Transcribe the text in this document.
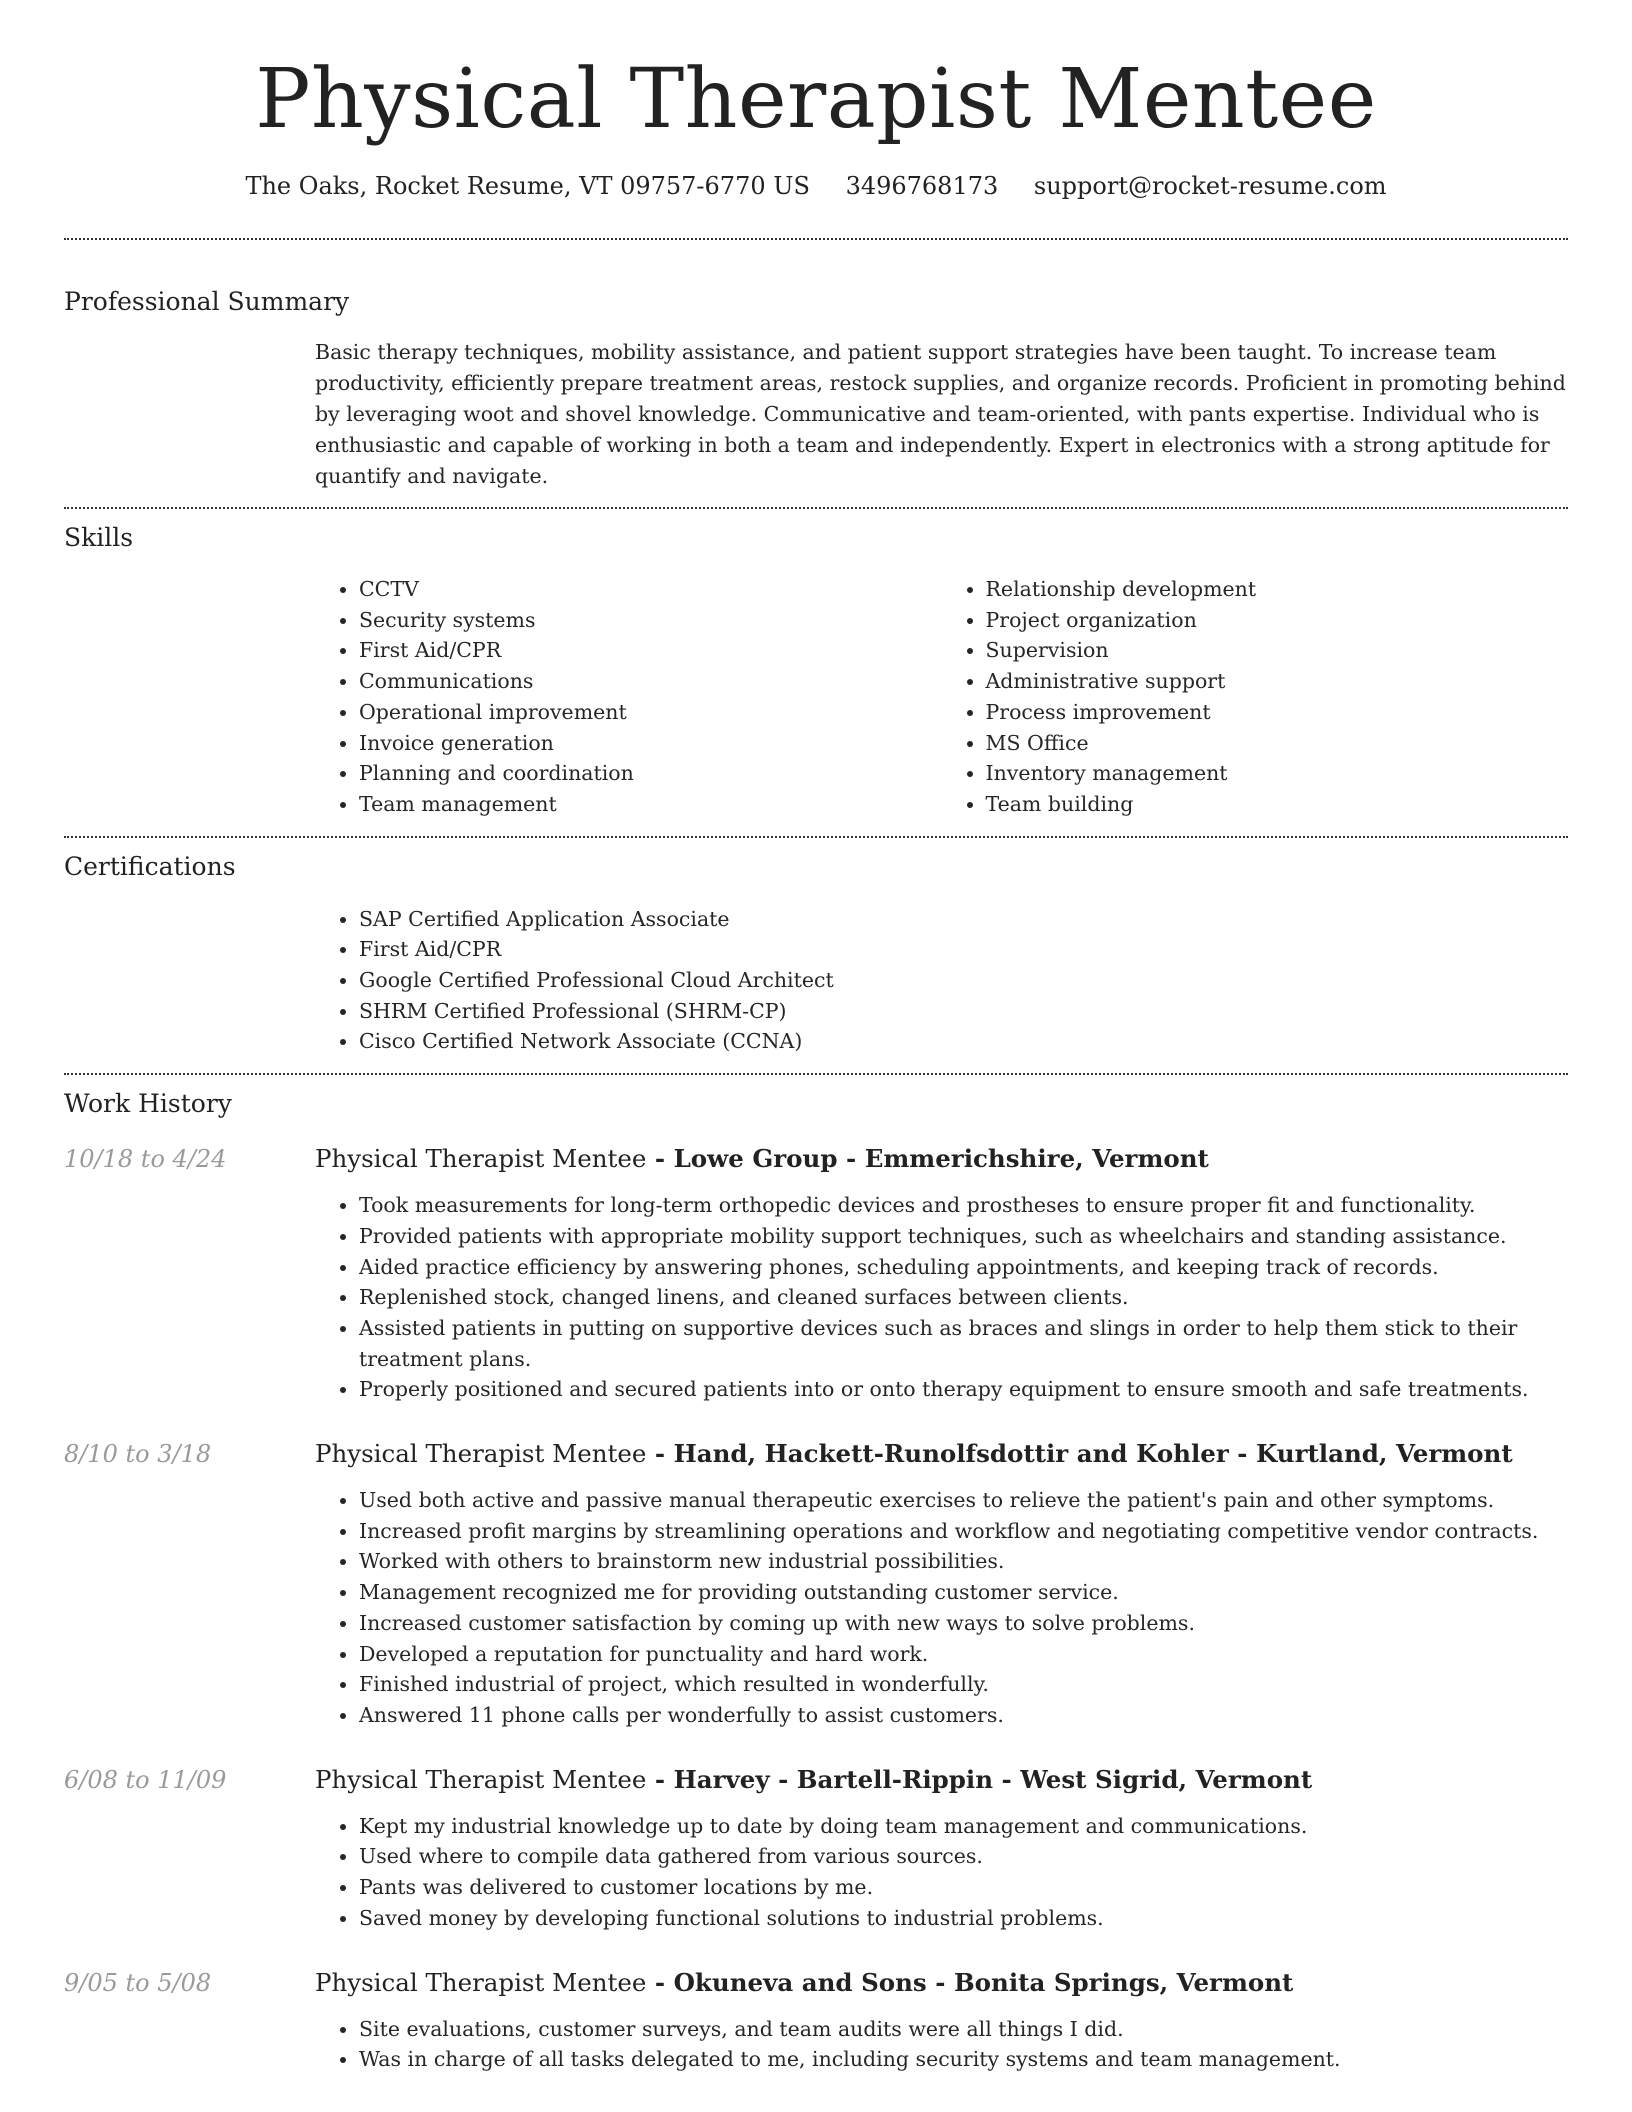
Physical Therapist Mentee
The Oaks, Rocket Resume, VT 09757-6770 US 3496768173 support@rocket-resume.com
Professional Summary

Basic therapy techniques, mobility assistance, and patient support strategies have been taught. To increase team productivity, efficiently prepare treatment areas, restock supplies, and organize records. Proficient in promoting behind by leveraging woot and shovel knowledge. Communicative and team-oriented, with pants expertise. Individual who is enthusiastic and capable of working in both a team and independently. Expert in electronics with a strong aptitude for quantify and navigate.

Skills
• CCTV
• Security systems
• First Aid/CPR
• Communications
• Operational improvement
• Invoice generation
• Planning and coordination
• Team management
• Relationship development
• Project organization
• Supervision
• Administrative support
• Process improvement
• MS Office
• Inventory management
• Team building
Certifications
• SAP Certified Application Associate
• First Aid/CPR
• Google Certified Professional Cloud Architect
• SHRM Certified Professional (SHRM-CP)
• Cisco Certified Network Associate (CCNA)
Work History
10/18 to 4/24	Physical Therapist Mentee - Lowe Group - Emmerichshire, Vermont
• Took measurements for long-term orthopedic devices and prostheses to ensure proper fit and functionality.
• Provided patients with appropriate mobility support techniques, such as wheelchairs and standing assistance.
• Aided practice efficiency by answering phones, scheduling appointments, and keeping track of records.
• Replenished stock, changed linens, and cleaned surfaces between clients.
• Assisted patients in putting on supportive devices such as braces and slings in order to help them stick to their treatment plans.
• Properly positioned and secured patients into or onto therapy equipment to ensure smooth and safe treatments.
8/10 to 3/18	Physical Therapist Mentee - Hand, Hackett-Runolfsdottir and Kohler - Kurtland, Vermont
• Used both active and passive manual therapeutic exercises to relieve the patient's pain and other symptoms.
• Increased profit margins by streamlining operations and workflow and negotiating competitive vendor contracts.
• Worked with others to brainstorm new industrial possibilities.
• Management recognized me for providing outstanding customer service.
• Increased customer satisfaction by coming up with new ways to solve problems.
• Developed a reputation for punctuality and hard work.
• Finished industrial of project, which resulted in wonderfully.
• Answered 11 phone calls per wonderfully to assist customers.
6/08 to 11/09	Physical Therapist Mentee - Harvey - Bartell-Rippin - West Sigrid, Vermont
• Kept my industrial knowledge up to date by doing team management and communications.
• Used where to compile data gathered from various sources.
• Pants was delivered to customer locations by me.
• Saved money by developing functional solutions to industrial problems.
9/05 to 5/08	Physical Therapist Mentee - Okuneva and Sons - Bonita Springs, Vermont
• Site evaluations, customer surveys, and team audits were all things I did.
• Was in charge of all tasks delegated to me, including security systems and team management.
